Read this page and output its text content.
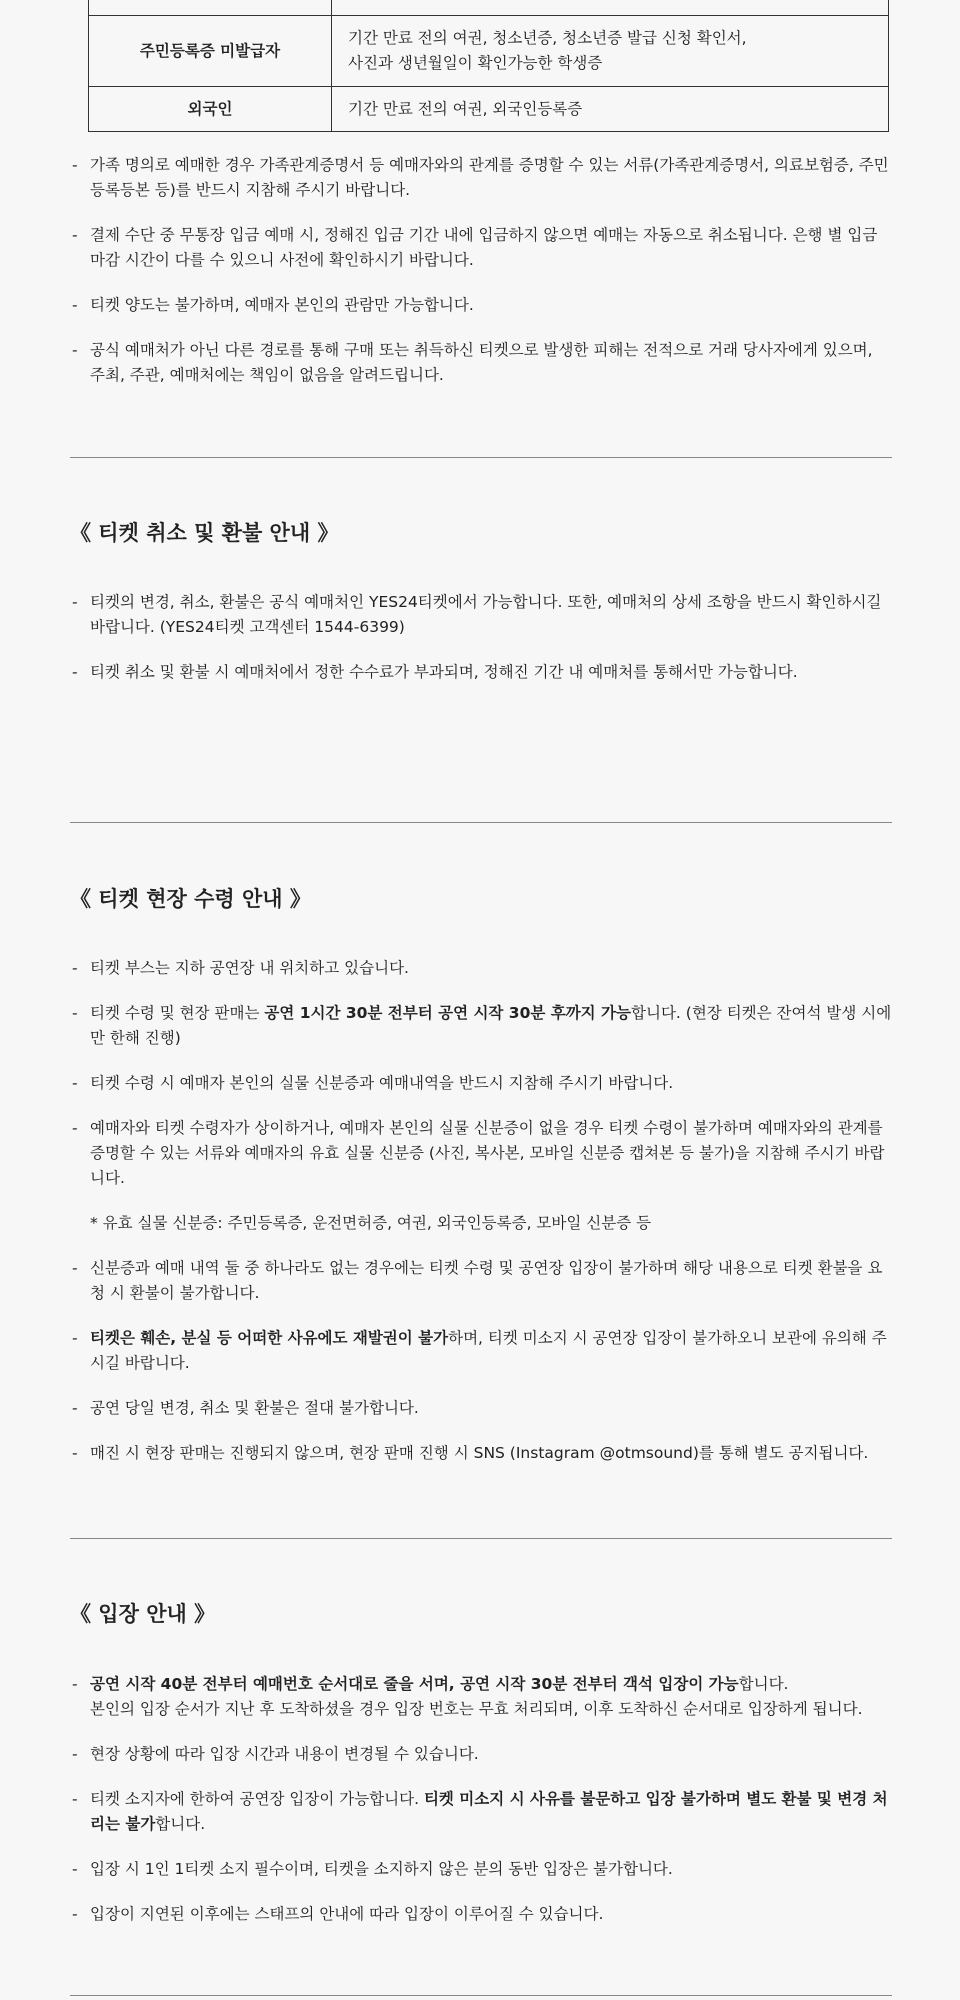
주민등록증 미발급자	기간 만료 전의 여권, 청소년증, 청소년증 발급 신청 확인서,
사진과 생년월일이 확인가능한 학생증

외국인	기간 만료 전의 여권, 외국인등록증
- 가족 명의로 예매한 경우 가족관계증명서 등 예매자와의 관계를 증명할 수 있는 서류(가족관계증명서, 의료보험증, 주민등록등본 등)를 반드시 지참해 주시기 바랍니다.
- 결제 수단 중 무통장 입금 예매 시, 정해진 입금 기간 내에 입금하지 않으면 예매는 자동으로 취소됩니다. 은행 별 입금 마감 시간이 다를 수 있으니 사전에 확인하시기 바랍니다.
- 티켓 양도는 불가하며, 예매자 본인의 관람만 가능합니다.
- 공식 예매처가 아닌 다른 경로를 통해 구매 또는 취득하신 티켓으로 발생한 피해는 전적으로 거래 당사자에게 있으며, 주최, 주관, 예매처에는 책임이 없음을 알려드립니다.
《 티켓 취소 및 환불 안내 》
- 티켓의 변경, 취소, 환불은 공식 예매처인 YES24티켓에서 가능합니다. 또한, 예매처의 상세 조항을 반드시 확인하시길 바랍니다. (YES24티켓 고객센터 1544-6399)
- 티켓 취소 및 환불 시 예매처에서 정한 수수료가 부과되며, 정해진 기간 내 예매처를 통해서만 가능합니다.
《 티켓 현장 수령 안내 》
- 티켓 부스는 지하 공연장 내 위치하고 있습니다.
- 티켓 수령 및 현장 판매는 공연 1시간 30분 전부터 공연 시작 30분 후까지 가능합니다. (현장 티켓은 잔여석 발생 시에만 한해 진행)
- 티켓 수령 시 예매자 본인의 실물 신분증과 예매내역을 반드시 지참해 주시기 바랍니다.
- 예매자와 티켓 수령자가 상이하거나, 예매자 본인의 실물 신분증이 없을 경우 티켓 수령이 불가하며 예매자와의 관계를 증명할 수 있는 서류와 예매자의 유효 실물 신분증 (사진, 복사본, 모바일 신분증 캡쳐본 등 불가)을 지참해 주시기 바랍니다.
* 유효 실물 신분증: 주민등록증, 운전면허증, 여권, 외국인등록증, 모바일 신분증 등
- 신분증과 예매 내역 둘 중 하나라도 없는 경우에는 티켓 수령 및 공연장 입장이 불가하며 해당 내용으로 티켓 환불을 요청 시 환불이 불가합니다.
- 티켓은 훼손, 분실 등 어떠한 사유에도 재발권이 불가하며, 티켓 미소지 시 공연장 입장이 불가하오니 보관에 유의해 주시길 바랍니다.
- 공연 당일 변경, 취소 및 환불은 절대 불가합니다.
- 매진 시 현장 판매는 진행되지 않으며, 현장 판매 진행 시 SNS (Instagram @otmsound)를 통해 별도 공지됩니다.
《 입장 안내 》
- 공연 시작 40분 전부터 예매번호 순서대로 줄을 서며, 공연 시작 30분 전부터 객석 입장이 가능합니다.
본인의 입장 순서가 지난 후 도착하셨을 경우 입장 번호는 무효 처리되며, 이후 도착하신 순서대로 입장하게 됩니다.
- 현장 상황에 따라 입장 시간과 내용이 변경될 수 있습니다.
- 티켓 소지자에 한하여 공연장 입장이 가능합니다. 티켓 미소지 시 사유를 불문하고 입장 불가하며 별도 환불 및 변경 처리는 불가합니다.
- 입장 시 1인 1티켓 소지 필수이며, 티켓을 소지하지 않은 분의 동반 입장은 불가합니다.
- 입장이 지연된 이후에는 스태프의 안내에 따라 입장이 이루어질 수 있습니다.
